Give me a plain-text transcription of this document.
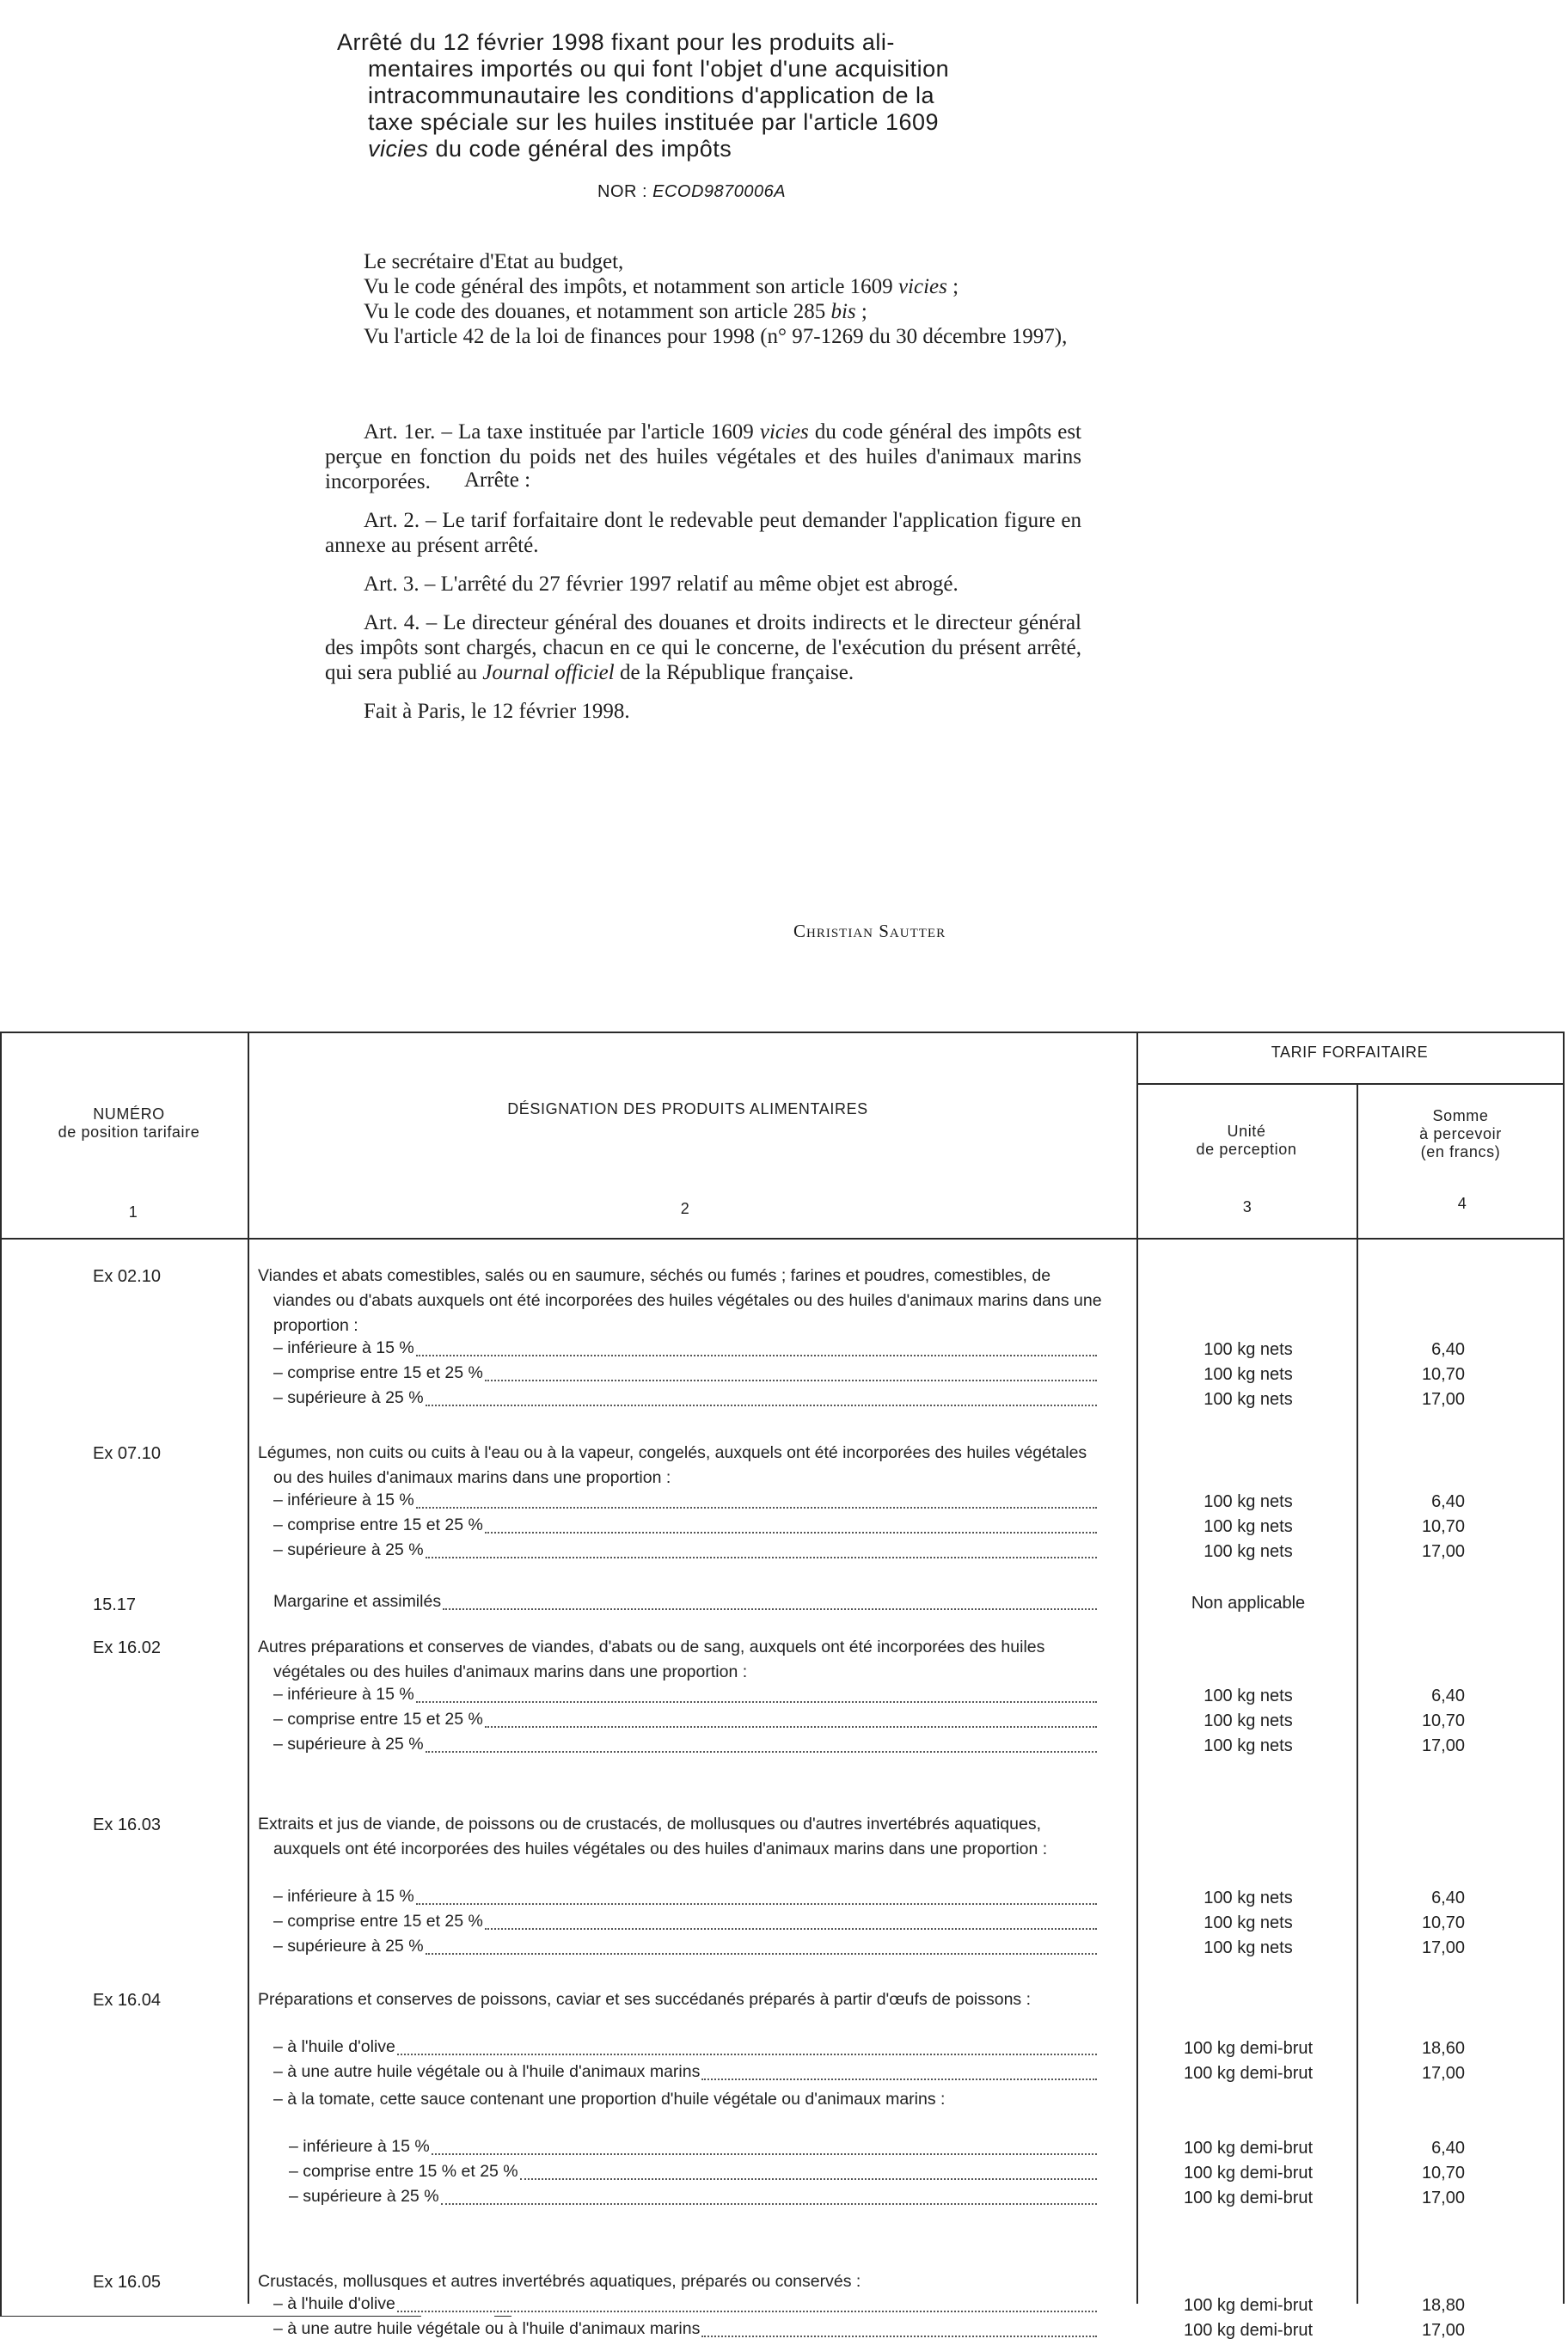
Arrêté du 12 février 1998 fixant pour les produits ali-
mentaires importés ou qui font l'objet d'une acquisition
intracommunautaire les conditions d'application de la
taxe spéciale sur les huiles instituée par l'article 1609
vicies du code général des impôts
NOR : ECOD9870006A

Le secrétaire d'Etat au budget,

Vu le code général des impôts, et notamment son article 1609 vicies ;

Vu le code des douanes, et notamment son article 285 bis ;

Vu l'article 42 de la loi de finances pour 1998 (n° 97-1269 du 30 décembre 1997),

Art. 1er. – La taxe instituée par l'article 1609 vicies du code général des impôts est perçue en fonction du poids net des huiles végétales et des huiles d'animaux marins incorporées.

Art. 2. – Le tarif forfaitaire dont le redevable peut demander l'application figure en annexe au présent arrêté.

Art. 3. – L'arrêté du 27 février 1997 relatif au même objet est abrogé.

Art. 4. – Le directeur général des douanes et droits indirects et le directeur général des impôts sont chargés, chacun en ce qui le concerne, de l'exécution du présent arrêté, qui sera publié au Journal officiel de la République française.

Fait à Paris, le 12 février 1998.

Arrête :
Christian Sautter
NUMÉRO
de position tarifaire
DÉSIGNATION DES PRODUITS ALIMENTAIRES
TARIF FORFAITAIRE
Unité
de perception
Somme
à percevoir
(en francs)
1	2	3	4
Ex 02.10	Viandes et abats comestibles, salés ou en saumure, séchés ou fumés ; farines et poudres, comestibles, de viandes ou d'abats auxquels ont été incorporées des huiles végétales ou des huiles d'animaux marins dans une proportion :
– inférieure à 15 %	100 kg nets	6,40
– comprise entre 15 et 25 %	100 kg nets	10,70
– supérieure à 25 %	100 kg nets	17,00
Ex 07.10	Légumes, non cuits ou cuits à l'eau ou à la vapeur, congelés, auxquels ont été incorporées des huiles végétales ou des huiles d'animaux marins dans une proportion :
– inférieure à 15 %	100 kg nets	6,40
– comprise entre 15 et 25 %	100 kg nets	10,70
– supérieure à 25 %	100 kg nets	17,00
15.17	Margarine et assimilés	Non applicable
Ex 16.02	Autres préparations et conserves de viandes, d'abats ou de sang, auxquels ont été incorporées des huiles végétales ou des huiles d'animaux marins dans une proportion :
– inférieure à 15 %	100 kg nets	6,40
– comprise entre 15 et 25 %	100 kg nets	10,70
– supérieure à 25 %	100 kg nets	17,00
Ex 16.03	Extraits et jus de viande, de poissons ou de crustacés, de mollusques ou d'autres invertébrés aquatiques, auxquels ont été incorporées des huiles végétales ou des huiles d'animaux marins dans une proportion :
– inférieure à 15 %	100 kg nets	6,40
– comprise entre 15 et 25 %	100 kg nets	10,70
– supérieure à 25 %	100 kg nets	17,00
Ex 16.04	Préparations et conserves de poissons, caviar et ses succédanés préparés à partir d'œufs de poissons :
– à l'huile d'olive	100 kg demi-brut	18,60
– à une autre huile végétale ou à l'huile d'animaux marins	100 kg demi-brut	17,00
– à la tomate, cette sauce contenant une proportion d'huile végétale ou d'animaux marins :
– inférieure à 15 %	100 kg demi-brut	6,40
– comprise entre 15 % et 25 %	100 kg demi-brut	10,70
– supérieure à 25 %	100 kg demi-brut	17,00
Ex 16.05	Crustacés, mollusques et autres invertébrés aquatiques, préparés ou conservés :
– à l'huile d'olive	100 kg demi-brut	18,80
– à une autre huile végétale ou à l'huile d'animaux marins	100 kg demi-brut	17,00
